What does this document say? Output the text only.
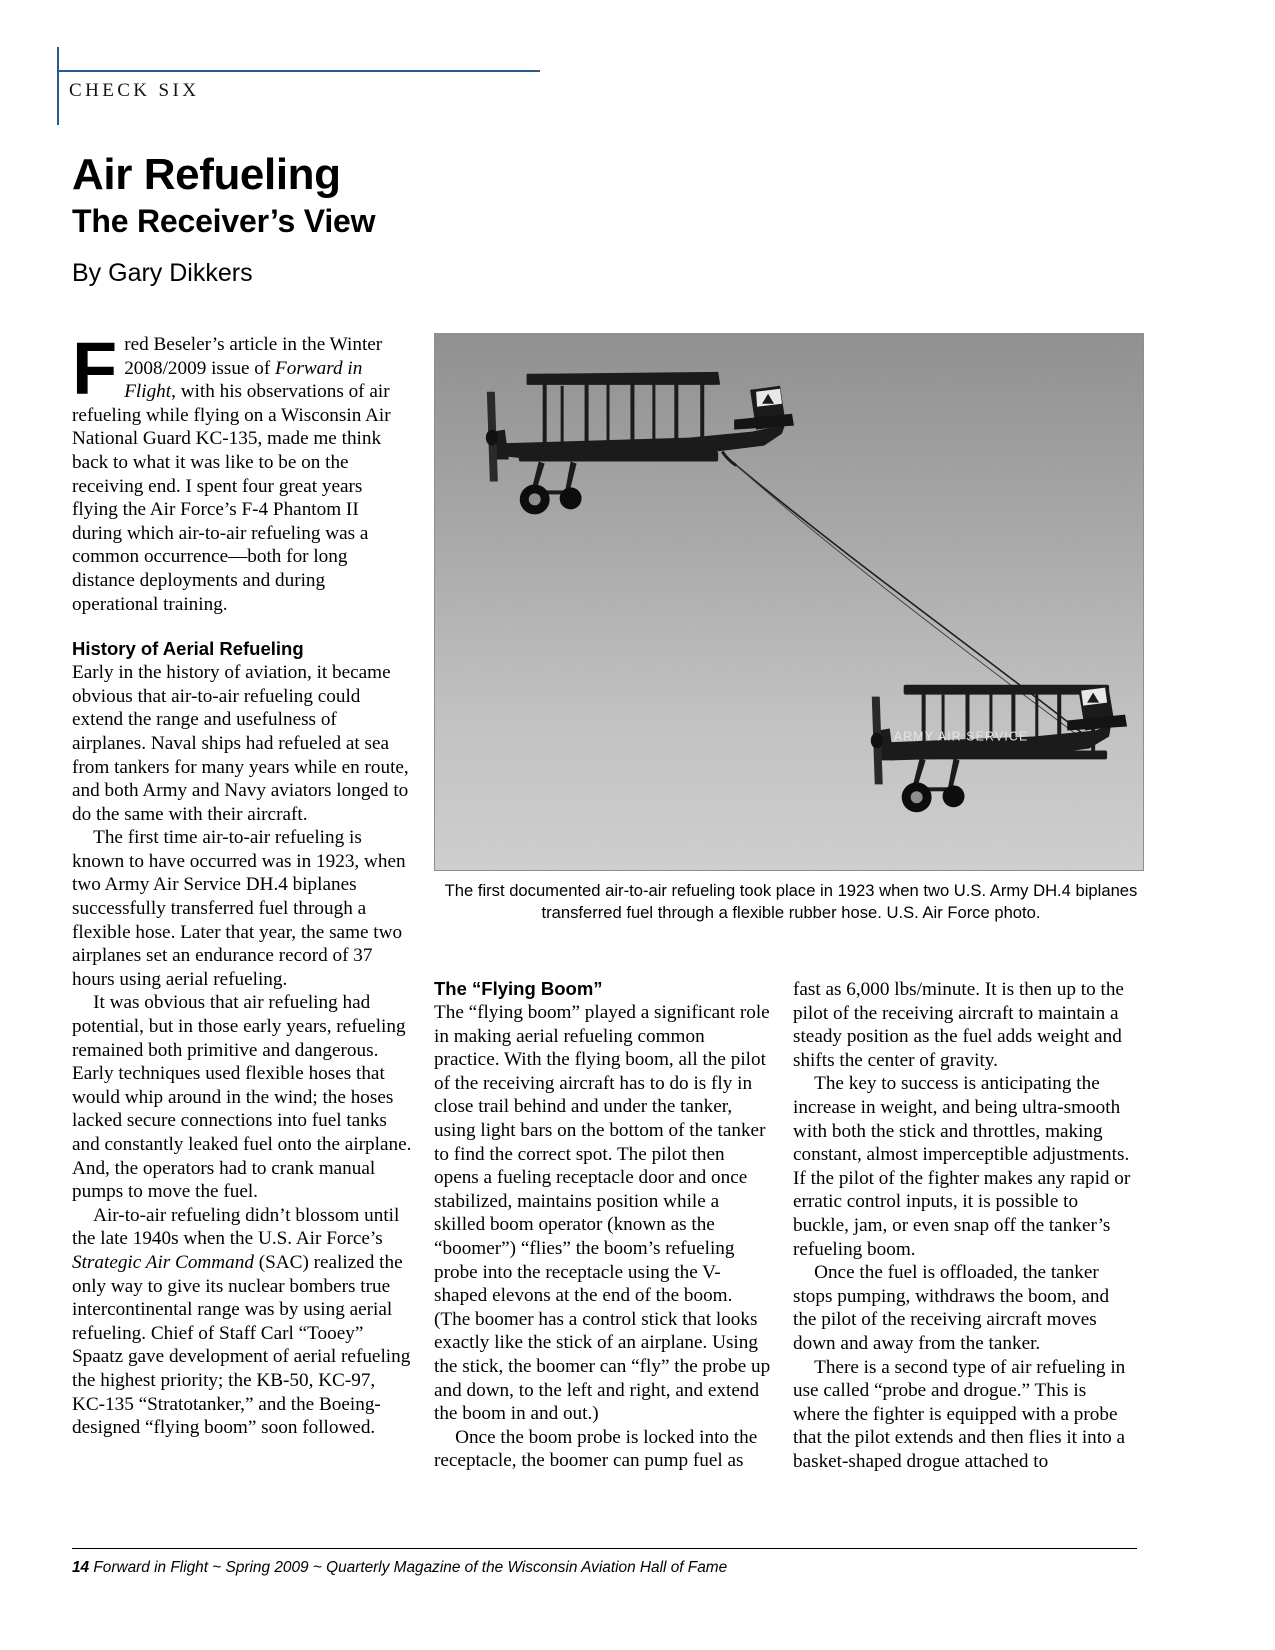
CHECK SIX
Air Refueling
The Receiver’s View
By Gary Dikkers

Fred Beseler’s article in the Winter 2008/2009 issue of Forward in Flight, with his observations of air refueling while flying on a Wisconsin Air National Guard KC-135, made me think back to what it was like to be on the receiving end. I spent four great years flying the Air Force’s F-4 Phantom II during which air-to-air refueling was a common occurrence—both for long distance deployments and during operational training.

History of Aerial Refueling

Early in the history of aviation, it became obvious that air-to-air refueling could extend the range and usefulness of airplanes. Naval ships had refueled at sea from tankers for many years while en route, and both Army and Navy aviators longed to do the same with their aircraft.

The first time air-to-air refueling is known to have occurred was in 1923, when two Army Air Service DH.4 biplanes successfully transferred fuel through a flexible hose. Later that year, the same two airplanes set an endurance record of 37 hours using aerial refueling.

It was obvious that air refueling had potential, but in those early years, refueling remained both primitive and dangerous. Early techniques used flexible hoses that would whip around in the wind; the hoses lacked secure connections into fuel tanks and constantly leaked fuel onto the airplane. And, the operators had to crank manual pumps to move the fuel.

Air-to-air refueling didn’t blossom until the late 1940s when the U.S. Air Force’s Strategic Air Command (SAC) realized the only way to give its nuclear bombers true intercontinental range was by using aerial refueling. Chief of Staff Carl “Tooey” Spaatz gave development of aerial refueling the highest priority; the KB-50, KC-97, KC-135 “Stratotanker,” and the Boeing-designed “flying boom” soon followed.

ARMY AIR SERVICE
The first documented air-to-air refueling took place in 1923 when two U.S. Army DH.4 biplanes transferred fuel through a flexible rubber hose. U.S. Air Force photo.
The “Flying Boom”

The “flying boom” played a significant role in making aerial refueling common practice. With the flying boom, all the pilot of the receiving aircraft has to do is fly in close trail behind and under the tanker, using light bars on the bottom of the tanker to find the correct spot. The pilot then opens a fueling receptacle door and once stabilized, maintains position while a skilled boom operator (known as the “boomer”) “flies” the boom’s refueling probe into the receptacle using the V-shaped elevons at the end of the boom. (The boomer has a control stick that looks exactly like the stick of an airplane. Using the stick, the boomer can “fly” the probe up and down, to the left and right, and extend the boom in and out.)

Once the boom probe is locked into the receptacle, the boomer can pump fuel as

fast as 6,000 lbs/minute. It is then up to the pilot of the receiving aircraft to maintain a steady position as the fuel adds weight and shifts the center of gravity.

The key to success is anticipating the increase in weight, and being ultra-smooth with both the stick and throttles, making constant, almost imperceptible adjustments. If the pilot of the fighter makes any rapid or erratic control inputs, it is possible to buckle, jam, or even snap off the tanker’s refueling boom.

Once the fuel is offloaded, the tanker stops pumping, withdraws the boom, and the pilot of the receiving aircraft moves down and away from the tanker.

There is a second type of air refueling in use called “probe and drogue.” This is where the fighter is equipped with a probe that the pilot extends and then flies it into a basket-shaped drogue attached to

14 Forward in Flight ~ Spring 2009 ~ Quarterly Magazine of the Wisconsin Aviation Hall of Fame
